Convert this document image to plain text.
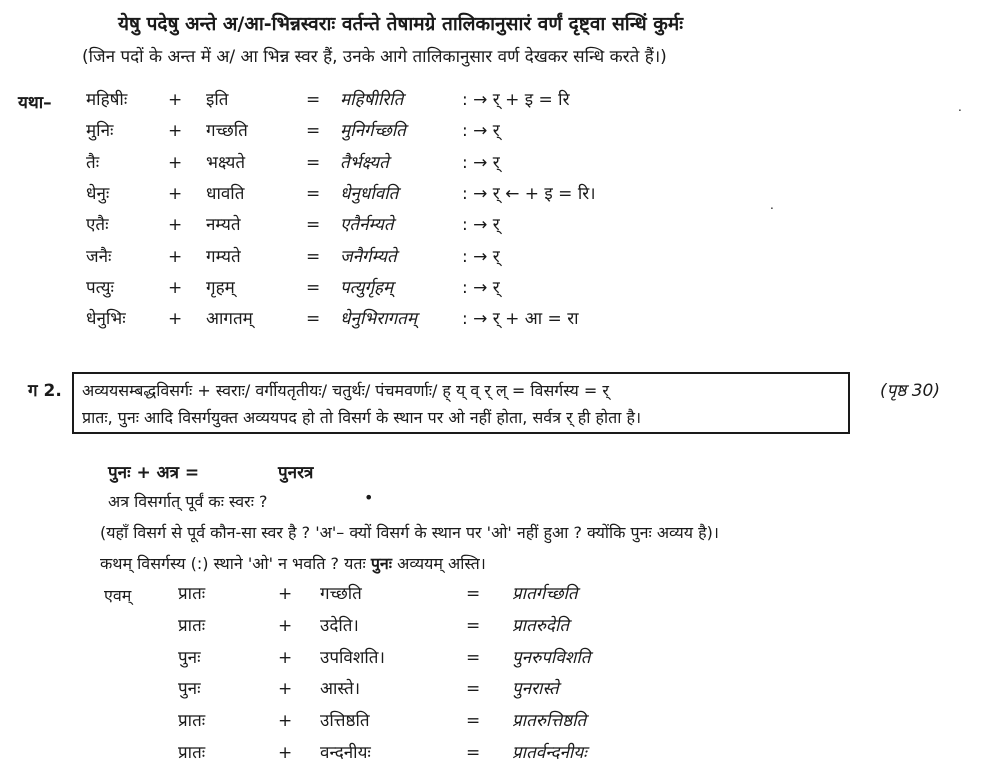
येषु पदेषु अन्ते अ/आ-भिन्नस्वराः वर्तन्ते तेषामग्रे तालिकानुसारं वर्णं दृष्ट्वा सन्धिं कुर्मः
(जिन पदों के अन्त में अ/ आ भिन्न स्वर हैं, उनके आगे तालिकानुसार वर्ण देखकर सन्धि करते हैं।)
यथा– महिषीः + इति	= महिषीरिति	: → र् + इ = रि
मुनिः	+ गच्छति	= मुनिर्गच्छति	: → र्
तैः	+ भक्ष्यते	= तैर्भक्ष्यते	: → र्
धेनुः	+ धावति	= धेनुर्धावति	: → र् ← + इ = रि।
एतैः	+ नम्यते	= एतैर्नम्यते	: → र्
जनैः	+ गम्यते	= जनैर्गम्यते	: → र्
पत्युः	+ गृहम्	= पत्युर्गृहम्	: → र्
धेनुभिः + आगतम्	= धेनुभिरागतम्	: → र् + आ = रा
ग 2. अव्ययसम्बद्धविसर्गः + स्वराः/ वर्गीयतृतीयः/ चतुर्थः/ पंचमवर्णाः/ ह् य् व् र् ल् = विसर्गस्य = र्
प्रातः, पुनः आदि विसर्गयुक्त अव्ययपद हो तो विसर्ग के स्थान पर ओ नहीं होता, सर्वत्र र् ही होता है।
(पृष्ठ 30)
पुनः + अत्र =	पुनरत्र
अत्र विसर्गात् पूर्वं कः स्वरः ?	•
(यहाँ विसर्ग से पूर्व कौन-सा स्वर है ? 'अ'– क्यों विसर्ग के स्थान पर 'ओ' नहीं हुआ ? क्योंकि पुनः अव्यय है)।
कथम् विसर्गस्य (:) स्थाने 'ओ' न भवति ? यतः पुनः अव्ययम् अस्ति।
एवम्	प्रातः	+ गच्छति	= प्रातर्गच्छति
प्रातः	+ उदेति।	= प्रातरुदेति
पुनः	+ उपविशति।	= पुनरुपविशति
पुनः	+ आस्ते।	= पुनरास्ते
प्रातः	+ उत्तिष्ठति	= प्रातरुत्तिष्ठति
प्रातः	+ वन्दनीयः	= प्रातर्वन्दनीयः
.
.
